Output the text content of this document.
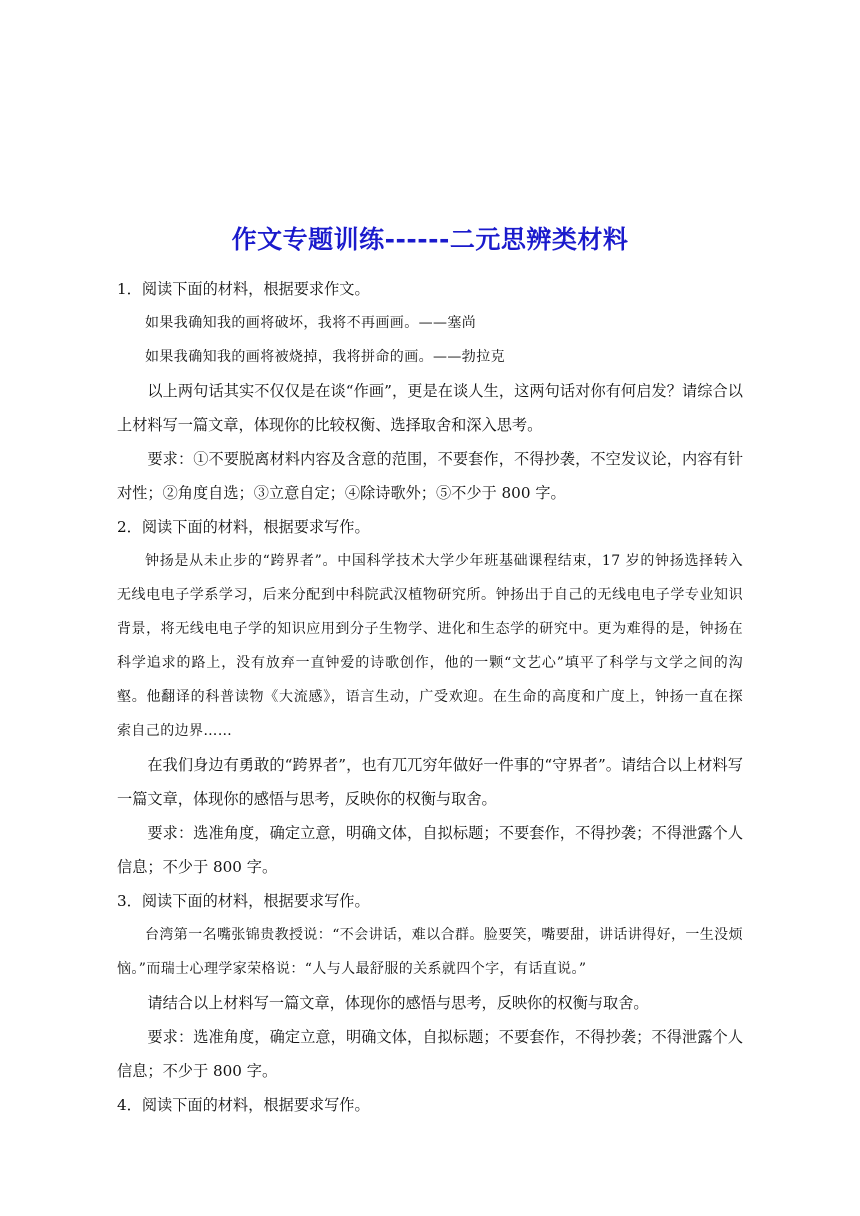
作文专题训练------二元思辨类材料

1．阅读下面的材料，根据要求作文。

如果我确知我的画将破坏，我将不再画画。——塞尚

如果我确知我的画将被烧掉，我将拼命的画。——勃拉克

以上两句话其实不仅仅是在谈“作画”，更是在谈人生，这两句话对你有何启发？请综合以上材料写一篇文章，体现你的比较权衡、选择取舍和深入思考。

要求：①不要脱离材料内容及含意的范围，不要套作，不得抄袭，不空发议论，内容有针对性；②角度自选；③立意自定；④除诗歌外；⑤不少于 800 字。

2．阅读下面的材料，根据要求写作。

钟扬是从未止步的“跨界者”。中国科学技术大学少年班基础课程结束，17 岁的钟扬选择转入无线电电子学系学习，后来分配到中科院武汉植物研究所。钟扬出于自己的无线电电子学专业知识背景，将无线电电子学的知识应用到分子生物学、进化和生态学的研究中。更为难得的是，钟扬在科学追求的路上，没有放弃一直钟爱的诗歌创作，他的一颗“文艺心”填平了科学与文学之间的沟壑。他翻译的科普读物《大流感》，语言生动，广受欢迎。在生命的高度和广度上，钟扬一直在探索自己的边界……

在我们身边有勇敢的“跨界者”，也有兀兀穷年做好一件事的“守界者”。请结合以上材料写一篇文章，体现你的感悟与思考，反映你的权衡与取舍。

要求：选准角度，确定立意，明确文体，自拟标题；不要套作，不得抄袭；不得泄露个人信息；不少于 800 字。

3．阅读下面的材料，根据要求写作。

台湾第一名嘴张锦贵教授说：“不会讲话，难以合群。脸要笑，嘴要甜，讲话讲得好，一生没烦恼。”而瑞士心理学家荣格说：“人与人最舒服的关系就四个字，有话直说。”

请结合以上材料写一篇文章，体现你的感悟与思考，反映你的权衡与取舍。

要求：选准角度，确定立意，明确文体，自拟标题；不要套作，不得抄袭；不得泄露个人信息；不少于 800 字。

4．阅读下面的材料，根据要求写作。
